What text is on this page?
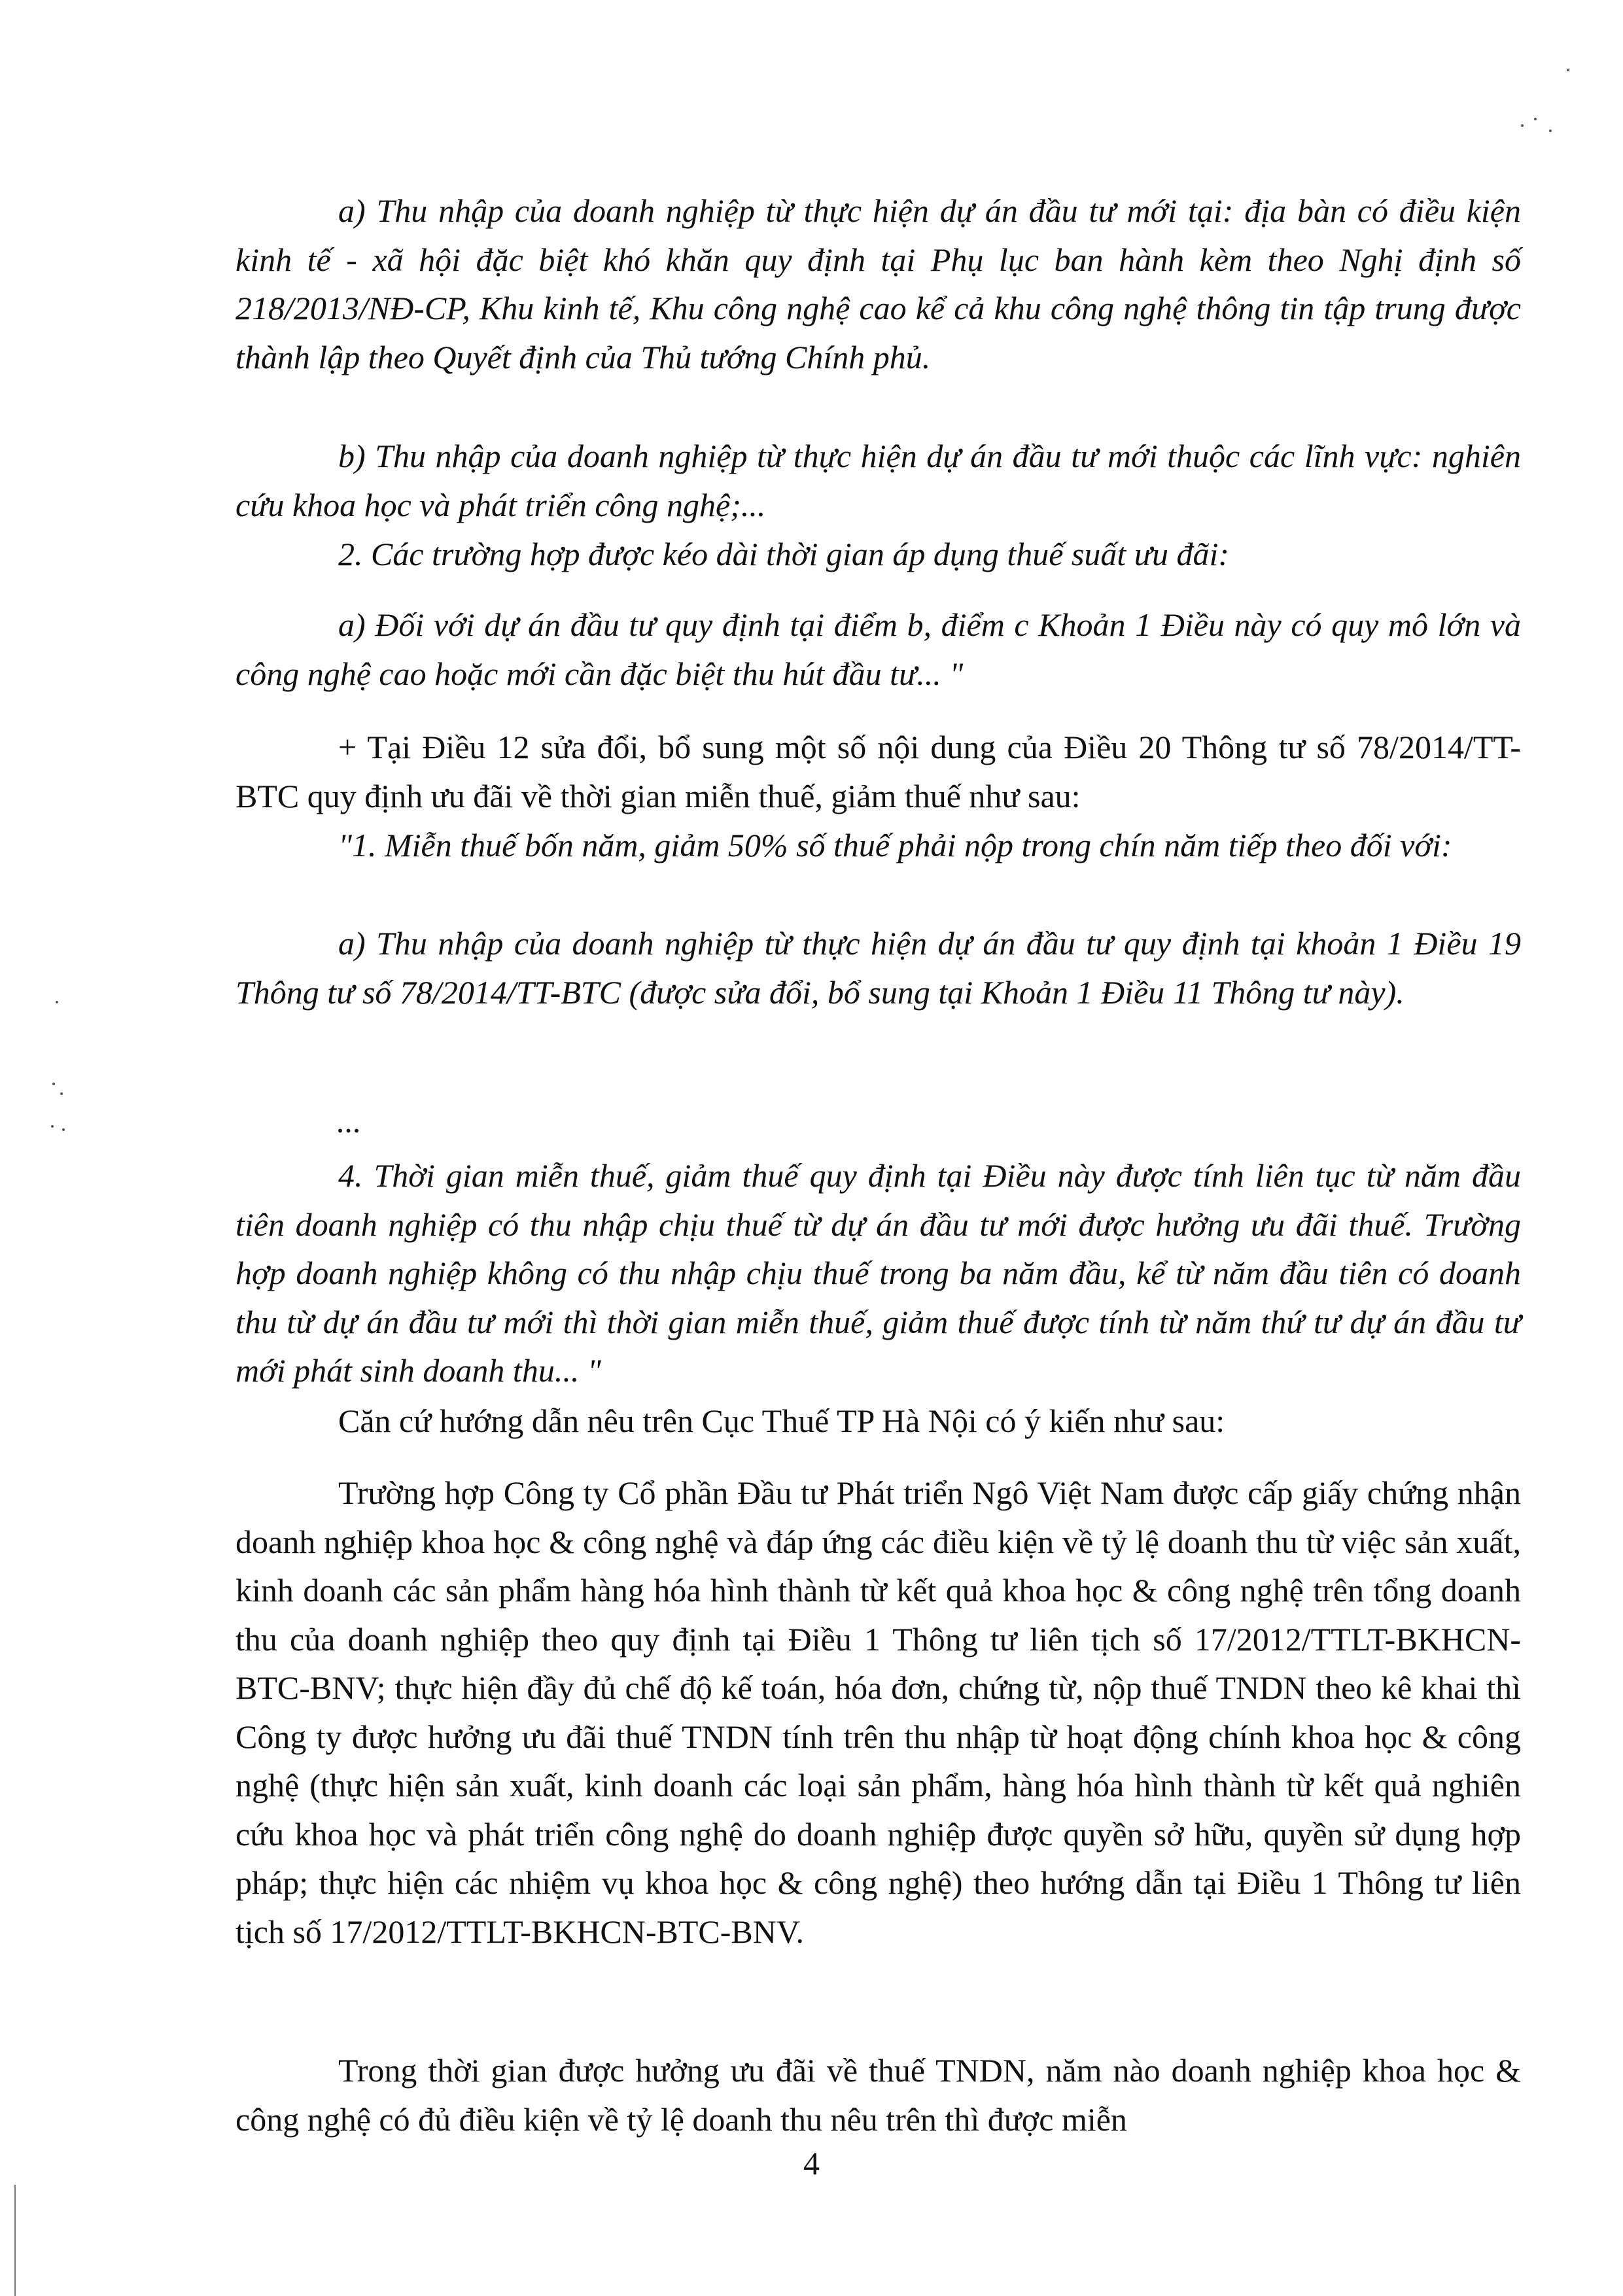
a) Thu nhập của doanh nghiệp từ thực hiện dự án đầu tư mới tại: địa bàn có điều kiện kinh tế - xã hội đặc biệt khó khăn quy định tại Phụ lục ban hành kèm theo Nghị định số 218/2013/NĐ-CP, Khu kinh tế, Khu công nghệ cao kể cả khu công nghệ thông tin tập trung được thành lập theo Quyết định của Thủ tướng Chính phủ.

b) Thu nhập của doanh nghiệp từ thực hiện dự án đầu tư mới thuộc các lĩnh vực: nghiên cứu khoa học và phát triển công nghệ;...

2. Các trường hợp được kéo dài thời gian áp dụng thuế suất ưu đãi:

a) Đối với dự án đầu tư quy định tại điểm b, điểm c Khoản 1 Điều này có quy mô lớn và công nghệ cao hoặc mới cần đặc biệt thu hút đầu tư... "

+ Tại Điều 12 sửa đổi, bổ sung một số nội dung của Điều 20 Thông tư số 78/2014/TT-BTC quy định ưu đãi về thời gian miễn thuế, giảm thuế như sau:

"1. Miễn thuế bốn năm, giảm 50% số thuế phải nộp trong chín năm tiếp theo đối với:

a) Thu nhập của doanh nghiệp từ thực hiện dự án đầu tư quy định tại khoản 1 Điều 19 Thông tư số 78/2014/TT-BTC (được sửa đổi, bổ sung tại Khoản 1 Điều 11 Thông tư này).

...

4. Thời gian miễn thuế, giảm thuế quy định tại Điều này được tính liên tục từ năm đầu tiên doanh nghiệp có thu nhập chịu thuế từ dự án đầu tư mới được hưởng ưu đãi thuế. Trường hợp doanh nghiệp không có thu nhập chịu thuế trong ba năm đầu, kể từ năm đầu tiên có doanh thu từ dự án đầu tư mới thì thời gian miễn thuế, giảm thuế được tính từ năm thứ tư dự án đầu tư mới phát sinh doanh thu... "

Căn cứ hướng dẫn nêu trên Cục Thuế TP Hà Nội có ý kiến như sau:

Trường hợp Công ty Cổ phần Đầu tư Phát triển Ngô Việt Nam được cấp giấy chứng nhận doanh nghiệp khoa học & công nghệ và đáp ứng các điều kiện về tỷ lệ doanh thu từ việc sản xuất, kinh doanh các sản phẩm hàng hóa hình thành từ kết quả khoa học & công nghệ trên tổng doanh thu của doanh nghiệp theo quy định tại Điều 1 Thông tư liên tịch số 17/2012/TTLT-BKHCN-BTC-BNV; thực hiện đầy đủ chế độ kế toán, hóa đơn, chứng từ, nộp thuế TNDN theo kê khai thì Công ty được hưởng ưu đãi thuế TNDN tính trên thu nhập từ hoạt động chính khoa học & công nghệ (thực hiện sản xuất, kinh doanh các loại sản phẩm, hàng hóa hình thành từ kết quả nghiên cứu khoa học và phát triển công nghệ do doanh nghiệp được quyền sở hữu, quyền sử dụng hợp pháp; thực hiện các nhiệm vụ khoa học & công nghệ) theo hướng dẫn tại Điều 1 Thông tư liên tịch số 17/2012/TTLT-BKHCN-BTC-BNV.

Trong thời gian được hưởng ưu đãi về thuế TNDN, năm nào doanh nghiệp khoa học & công nghệ có đủ điều kiện về tỷ lệ doanh thu nêu trên thì được miễn

4
